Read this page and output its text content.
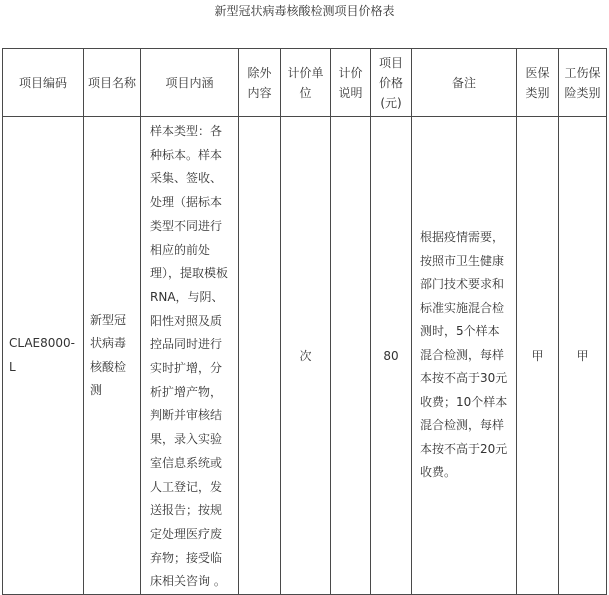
新型冠状病毒核酸检测项目价格表
项目编码	项目名称	项目内涵	除外内容	计价单位	计价说明	项目价格(元)	备注	医保类别	工伤保险类别
CLAE8000-L	新型冠状病毒核酸检测	样本类型：各种标本。样本采集、签收、处理（据标本类型不同进行相应的前处理），提取模板RNA，与阴、阳性对照及质控品同时进行实时扩增，分析扩增产物，判断并审核结果，录入实验室信息系统或人工登记，发送报告；按规定处理医疗废弃物；接受临床相关咨询 。		次		80	根据疫情需要，按照市卫生健康部门技术要求和标准实施混合检测时，5个样本混合检测，每样本按不高于30元收费；10个样本混合检测，每样本按不高于20元收费。	甲	甲
